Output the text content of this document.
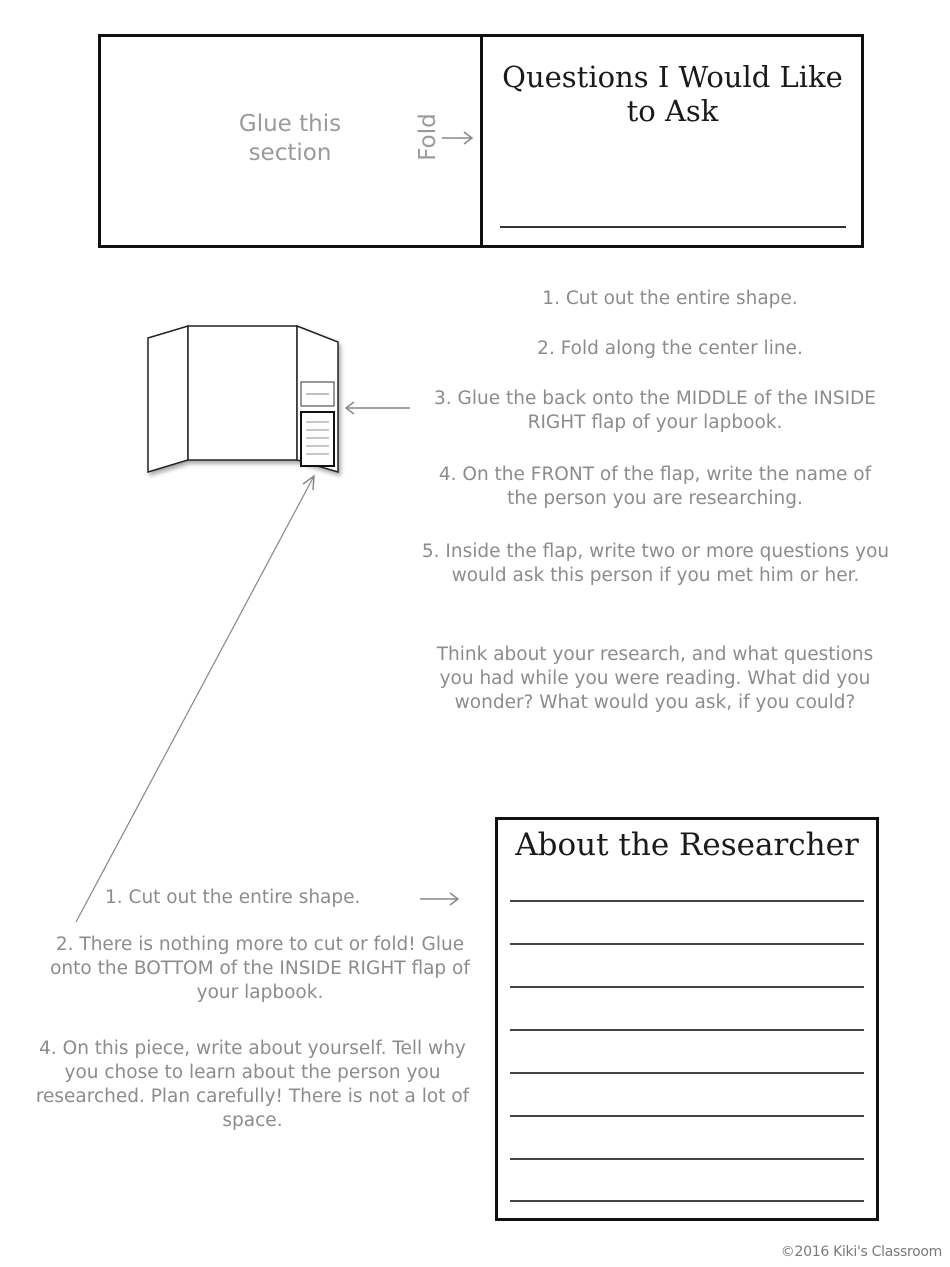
Glue this section	Fold
Questions I Would Like to Ask
1. Cut out the entire shape.
2. Fold along the center line.
3. Glue the back onto the MIDDLE of the INSIDE RIGHT flap of your lapbook.
4. On the FRONT of the flap, write the name of the person you are researching.
5. Inside the flap, write two or more questions you would ask this person if you met him or her.
Think about your research, and what questions you had while you were reading. What did you wonder? What would you ask, if you could?
1. Cut out the entire shape.
2. There is nothing more to cut or fold! Glue onto the BOTTOM of the INSIDE RIGHT flap of your lapbook.
4. On this piece, write about yourself. Tell why you chose to learn about the person you researched. Plan carefully! There is not a lot of space.
About the Researcher
©2016 Kiki's Classroom
